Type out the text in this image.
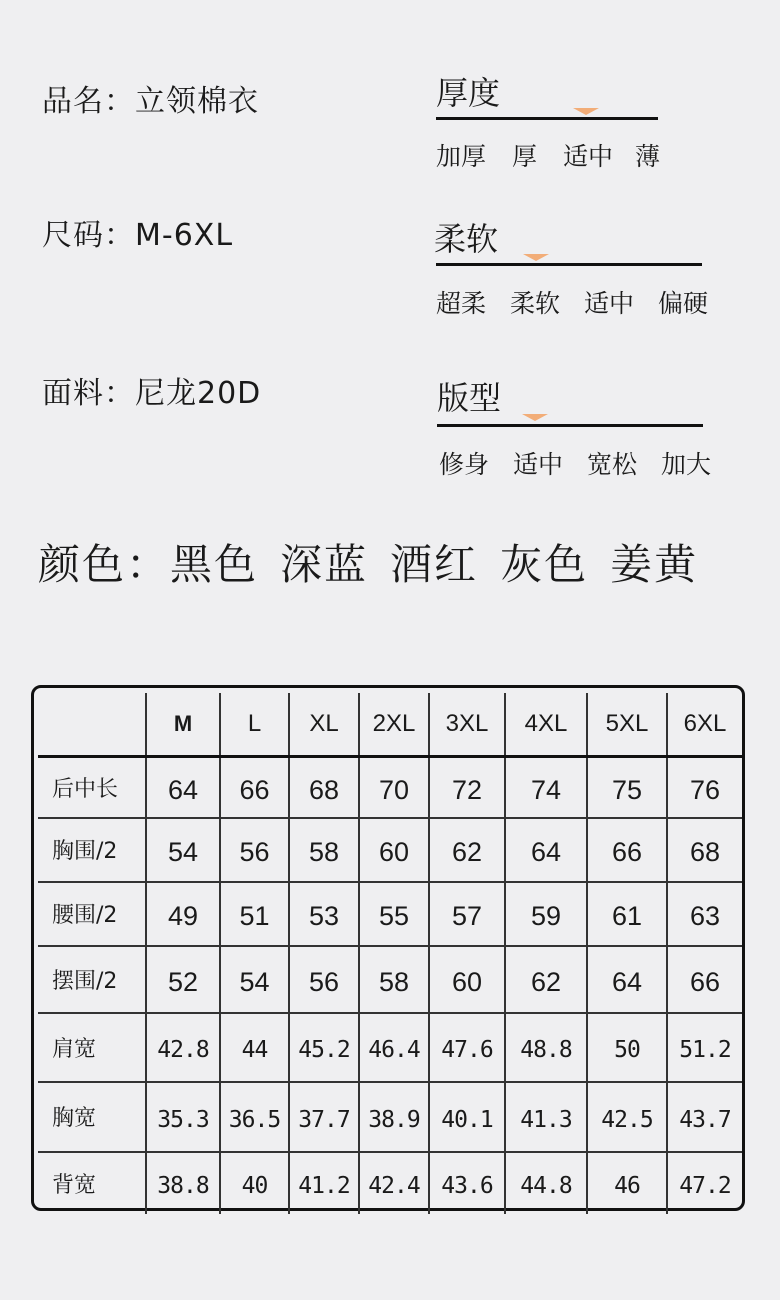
品名：立领棉衣
尺码：M-6XL
面料：尼龙20D
厚度
加厚 厚 适中 薄
柔软
超柔 柔软 适中 偏硬
版型
修身 适中 宽松 加大
颜色：黑色 深蓝 酒红 灰色 姜黄
	M	L	XL	2XL	3XL	4XL	5XL	6XL
后中长	64	66	68	70	72	74	75	76
胸围/2	54	56	58	60	62	64	66	68
腰围/2	49	51	53	55	57	59	61	63
摆围/2	52	54	56	58	60	62	64	66
肩宽	42.8	44	45.2	46.4	47.6	48.8	50	51.2
胸宽	35.3	36.5	37.7	38.9	40.1	41.3	42.5	43.7
背宽	38.8	40	41.2	42.4	43.6	44.8	46	47.2
